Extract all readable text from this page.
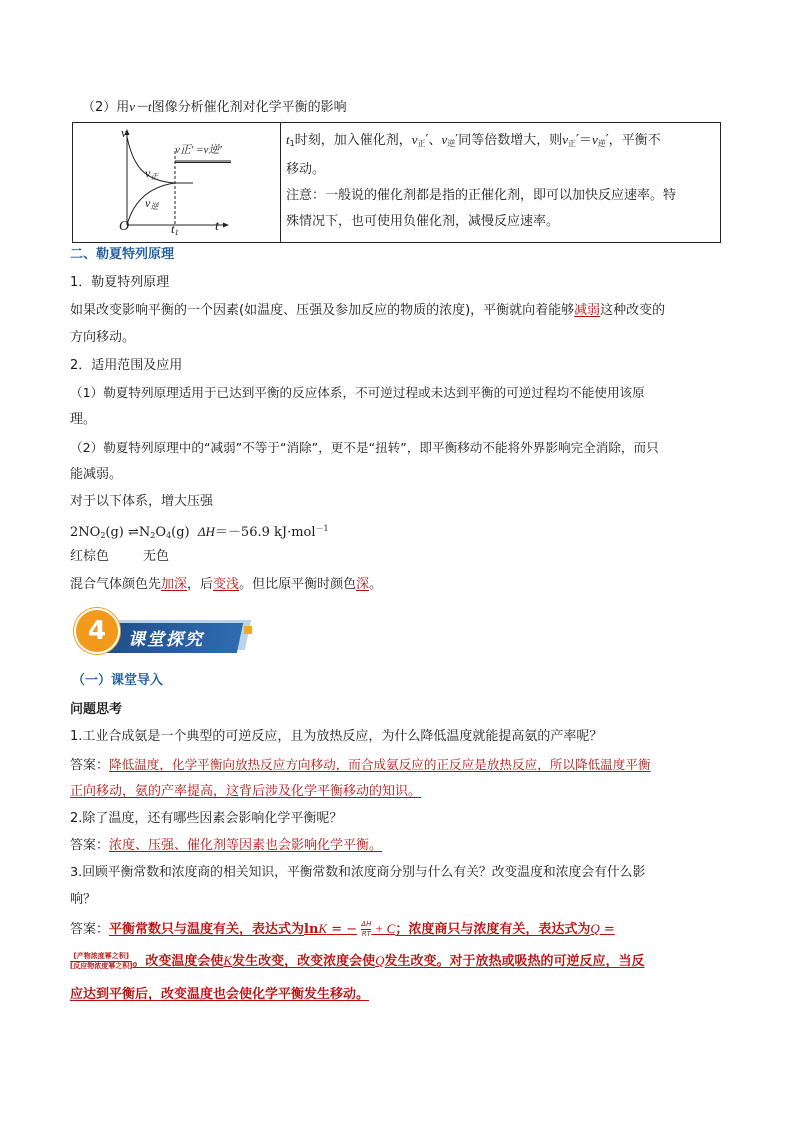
（2）用v－t图像分析催化剂对化学平衡的影响
v
t
O	$t_1$
$v_正$
$v_逆$
v正′ =v逆′
$t_1$时刻，加入催化剂，$v_正'$、$v_逆'$同等倍数增大，则$v_正'=v_逆'$，平衡不
移动。
注意：一般说的催化剂都是指的正催化剂，即可以加快反应速率。特
殊情况下，也可使用负催化剂，减慢反应速率。
二、勒夏特列原理
1．勒夏特列原理
如果改变影响平衡的一个因素(如温度、压强及参加反应的物质的浓度)，平衡就向着能够减弱这种改变的
方向移动。
2．适用范围及应用
（1）勒夏特列原理适用于已达到平衡的反应体系，不可逆过程或未达到平衡的可逆过程均不能使用该原
理。
（2）勒夏特列原理中的“减弱”不等于“消除”，更不是“扭转”，即平衡移动不能将外界影响完全消除，而只
能减弱。
对于以下体系，增大压强
$2NO_2(g)$ $\rightleftharpoons N_2O_4(g)$ ΔH＝－56.9 kJ·mol$^{-1}$
红棕色	无色
混合气体颜色先加深，后变浅。但比原平衡时颜色深。
4	课堂探究
（一）课堂导入
问题思考
1.工业合成氨是一个典型的可逆反应，且为放热反应，为什么降低温度就能提高氨的产率呢？
答案：降低温度，化学平衡向放热反应方向移动，而合成氨反应的正反应是放热反应，所以降低温度平衡
正向移动，氨的产率提高，这背后涉及化学平衡移动的知识。
2.除了温度，还有哪些因素会影响化学平衡呢？
答案：浓度、压强、催化剂等因素也会影响化学平衡。
3.回顾平衡常数和浓度商的相关知识，平衡常数和浓度商分别与什么有关？改变温度和浓度会有什么影
响？
答案：平衡常数只与温度有关，表达式为lnK = − $\frac{\Delta H}{RT} + C$；浓度商只与浓度有关，表达式为Q =
[产物浓度幂之积]
[反应物浓度幂之积] 。改变温度会使K发生改变，改变浓度会使Q发生改变。对于放热或吸热的可逆反应，当反
应达到平衡后，改变温度也会使化学平衡发生移动。
